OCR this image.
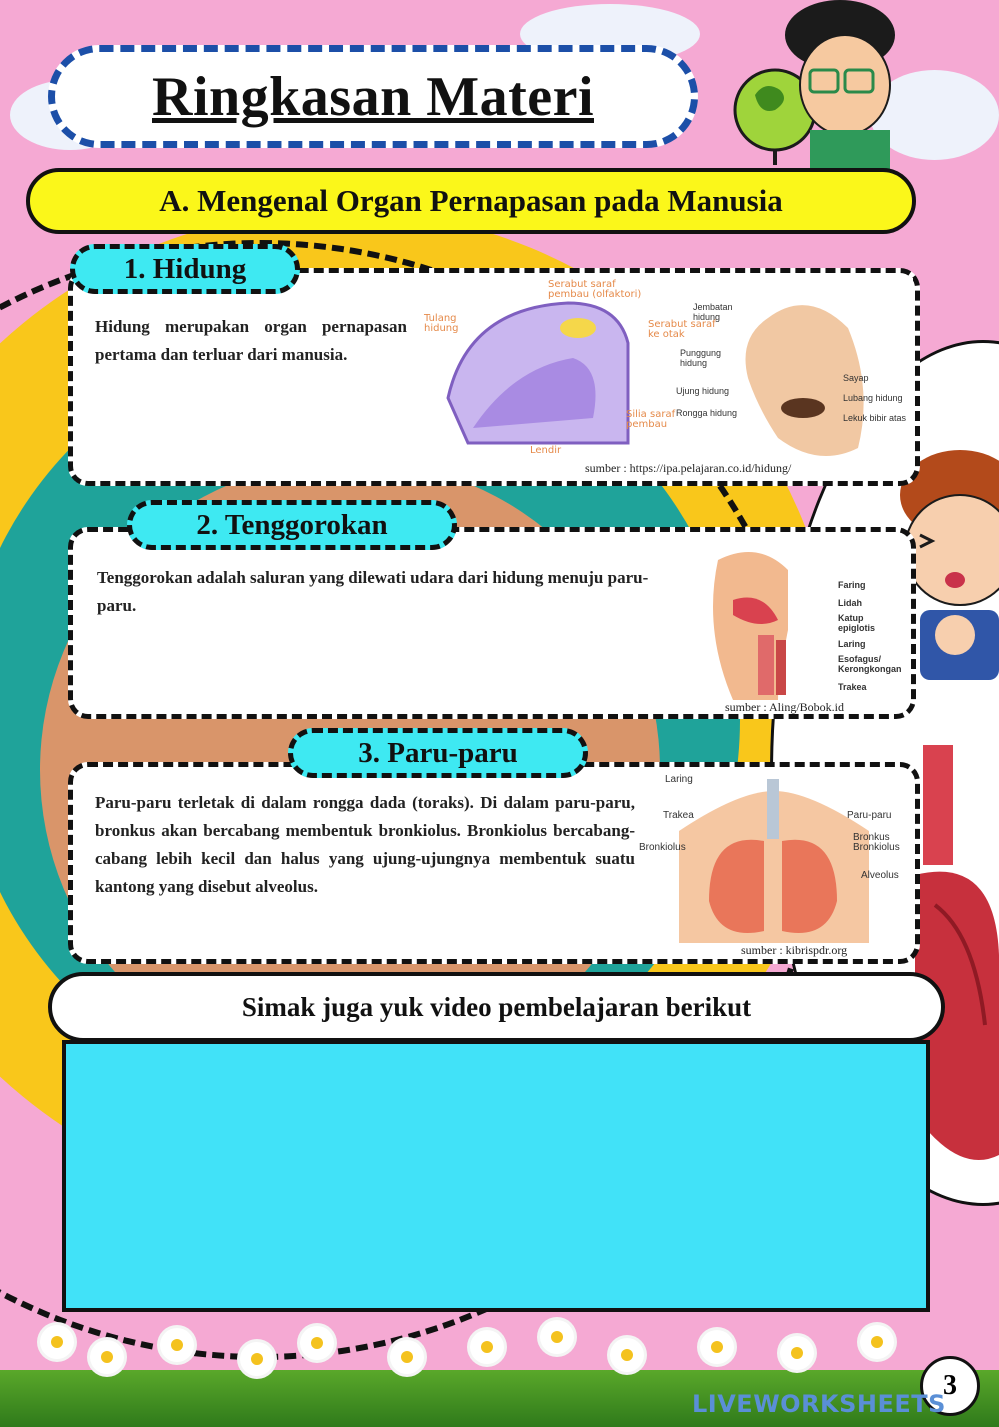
Ringkasan Materi
A. Mengenal Organ Pernapasan pada Manusia
Hidung merupakan organ pernapasan pertama dan terluar dari manusia.
Serabut saraf pembau (olfaktori)
Tulang hidung	Serabut saraf ke otak
Silia saraf pembau
Lendir
Jembatan hidung
Punggung hidung
Ujung hidung
Rongga hidung
Sayap
Lubang hidung
Lekuk bibir atas
sumber : https://ipa.pelajaran.co.id/hidung/
1. Hidung
Tenggorokan adalah saluran yang dilewati udara dari hidung menuju paru-paru.
Faring
Lidah
Katup epiglotis
Laring
Esofagus/ Kerongkongan
Trakea
sumber : Aling/Bobok.id
2. Tenggorokan
Paru-paru terletak di dalam rongga dada (toraks). Di dalam paru-paru, bronkus akan bercabang membentuk bronkiolus. Bronkiolus bercabang-cabang lebih kecil dan halus yang ujung-ujungnya membentuk suatu kantong yang disebut alveolus.
Laring
Trakea
Bronkiolus
Paru-paru
Bronkus
Bronkiolus
Alveolus
sumber : kibrispdr.org
3. Paru-paru
Simak juga yuk video pembelajaran berikut
3
LIVEWORKSHEETS
